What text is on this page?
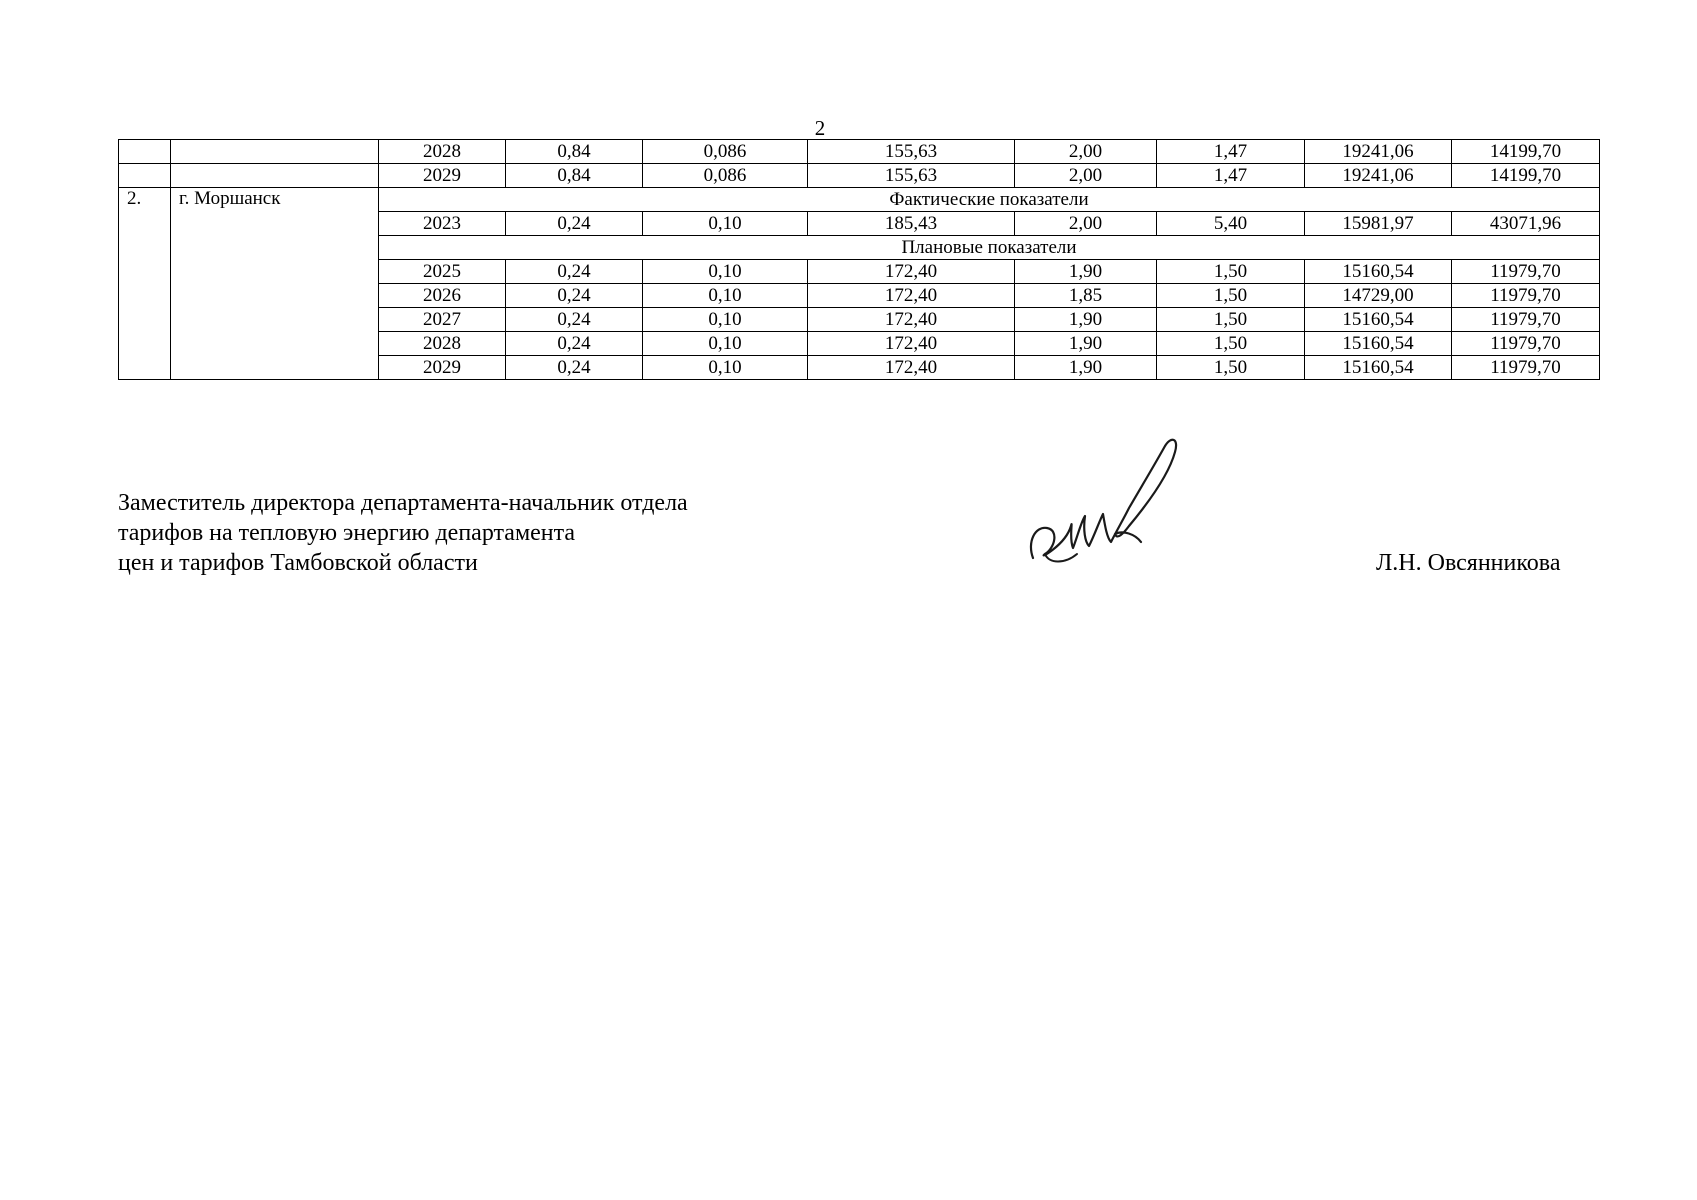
2
		2028	0,84	0,086	155,63	2,00	1,47	19241,06	14199,70
		2029	0,84	0,086	155,63	2,00	1,47	19241,06	14199,70
2.	г. Моршанск	Фактические показатели							
		2023	0,24	0,10	185,43	2,00	5,40	15981,97	43071,96
		Плановые показатели							
		2025	0,24	0,10	172,40	1,90	1,50	15160,54	11979,70
		2026	0,24	0,10	172,40	1,85	1,50	14729,00	11979,70
		2027	0,24	0,10	172,40	1,90	1,50	15160,54	11979,70
		2028	0,24	0,10	172,40	1,90	1,50	15160,54	11979,70
		2029	0,24	0,10	172,40	1,90	1,50	15160,54	11979,70
Заместитель директора департамента-начальник отдела
тарифов на тепловую энергию департамента
цен и тарифов Тамбовской области	Л.Н. Овсянникова
